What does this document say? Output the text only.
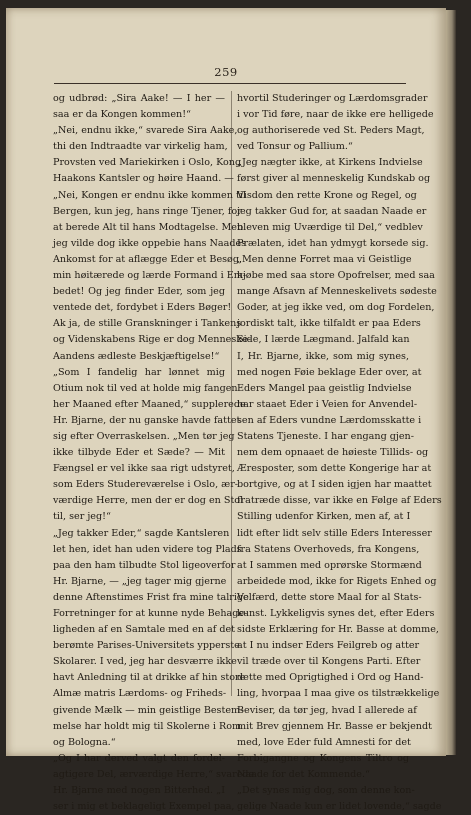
259
og udbrød: „Sira Aake! — I her —
saa er da Kongen kommen!“
„Nei, endnu ikke,“ svarede Sira Aake,
thi den Indtraadte var virkelig ham,
Provsten ved Mariekirken i Oslo, Kong
Haakons Kantsler og høire Haand. —
„Nei, Kongen er endnu ikke kommen til
Bergen, kun jeg, hans ringe Tjener, for
at berede Alt til hans Modtagelse. Men
jeg vilde dog ikke oppebie hans Naades
Ankomst for at aflægge Eder et Besøg,
min høitærede og lærde Formand i Em-
bedet! Og jeg finder Eder, som jeg
ventede det, fordybet i Eders Bøger!
Ak ja, de stille Granskninger i Tankens
og Videnskabens Rige er dog Menneske-
Aandens ædleste Beskjæftigelse!“
„Som I fandelig har lønnet mig
Otium nok til ved at holde mig fangen
her Maaned efter Maaned,“ supplerede
Hr. Bjarne, der nu ganske havde fattet
sig efter Overraskelsen. „Men tør jeg
ikke tilbyde Eder et Sæde? — Mit
Fængsel er vel ikke saa rigt udstyret,
som Eders Studereværelse i Oslo, ær-
værdige Herre, men der er dog en Stol
til, ser jeg!“
„Jeg takker Eder,“ sagde Kantsleren
let hen, idet han uden videre tog Plads
paa den ham tilbudte Stol ligeoverfor
Hr. Bjarne, — „jeg tager mig gjerne
denne Aftenstimes Frist fra mine talrige
Forretninger for at kunne nyde Behage-
ligheden af en Samtale med en af det
berømte Parises-Universitets ypperste
Skolarer. I ved, jeg har desværre ikke
havt Anledning til at drikke af hin store
Almæ matris Lærdoms- og Friheds-
givende Mælk — min geistlige Bestem-
melse har holdt mig til Skolerne i Rom
og Bologna.“
„Og I har derved valgt den fordel-
agtigere Del, ærværdige Herre,“ svarede
Hr. Bjarne med nogen Bitterhed. „I
ser i mig et beklageligt Exempel paa,
hvortil Studeringer og Lærdomsgrader
i vor Tid føre, naar de ikke ere helligede
og authoriserede ved St. Peders Magt,
ved Tonsur og Pallium.“
„Jeg nægter ikke, at Kirkens Indvielse
først giver al menneskelig Kundskab og
Visdom den rette Krone og Regel, og
jeg takker Gud for, at saadan Naade er
bleven mig Uværdige til Del,“ vedblev
Prælaten, idet han ydmygt korsede sig.
„Men denne Forret maa vi Geistlige
kjøbe med saa store Opofrelser, med saa
mange Afsavn af Menneskelivets sødeste
Goder, at jeg ikke ved, om dog Fordelen,
jordiskt talt, ikke tilfaldt er paa Eders
Side, I lærde Lægmand. Jalfald kan
I, Hr. Bjarne, ikke, som mig synes,
med nogen Føie beklage Eder over, at
Eders Mangel paa geistlig Indvielse
har staaet Eder i Veien for Anvendel-
sen af Eders vundne Lærdomsskatte i
Statens Tjeneste. I har engang gjen-
nem dem opnaaet de høieste Tillids- og
Æresposter, som dette Kongerige har at
bortgive, og at I siden igjen har maattet
fratræde disse, var ikke en Følge af Eders
Stilling udenfor Kirken, men af, at I
lidt efter lidt selv stille Eders Interesser
fra Statens Overhoveds, fra Kongens,
at I sammen med oprørske Stormænd
arbeidede mod, ikke for Rigets Enhed og
Velfærd, dette store Maal for al Stats-
kunst. Lykkeligvis synes det, efter Eders
sidste Erklæring for Hr. Basse at domme,
at I nu indser Eders Feilgreb og atter
vil træde over til Kongens Parti. Efter
dette med Oprigtighed i Ord og Hand-
ling, hvorpaa I maa give os tilstrækkelige
Beviser, da tør jeg, hvad I allerede af
mit Brev gjennem Hr. Basse er bekjendt
med, love Eder fuld Amnesti for det
Forbigangne og Kongens Tiltro og
Naade for det Kommende.“
„Det synes mig dog, som denne kon-
gelige Naade kun er lidet lovende,“ sagde
